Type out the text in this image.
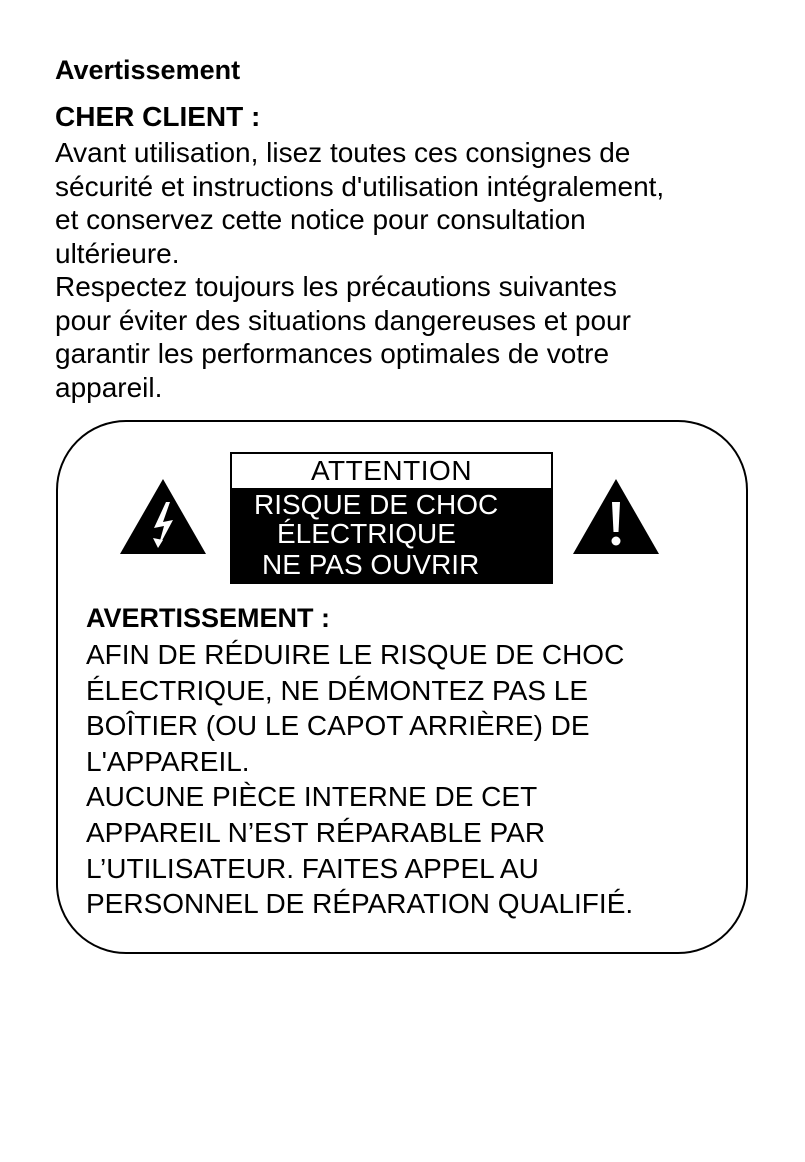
Avertissement
CHER CLIENT :

Avant utilisation, lisez toutes ces consignes de
sécurité et instructions d'utilisation intégralement,
et conservez cette notice pour consultation
ultérieure.

Respectez toujours les précautions suivantes
pour éviter des situations dangereuses et pour
garantir les performances optimales de votre
appareil.

ATTENTION
RISQUE DE CHOC
ÉLECTRIQUE
NE PAS OUVRIR
AVERTISSEMENT :

AFIN DE RÉDUIRE LE RISQUE DE CHOC
ÉLECTRIQUE, NE DÉMONTEZ PAS LE
BOÎTIER (OU LE CAPOT ARRIÈRE) DE
L'APPAREIL.

AUCUNE PIÈCE INTERNE DE CET
APPAREIL N’EST RÉPARABLE PAR
L’UTILISATEUR. FAITES APPEL AU
PERSONNEL DE RÉPARATION QUALIFIÉ.
